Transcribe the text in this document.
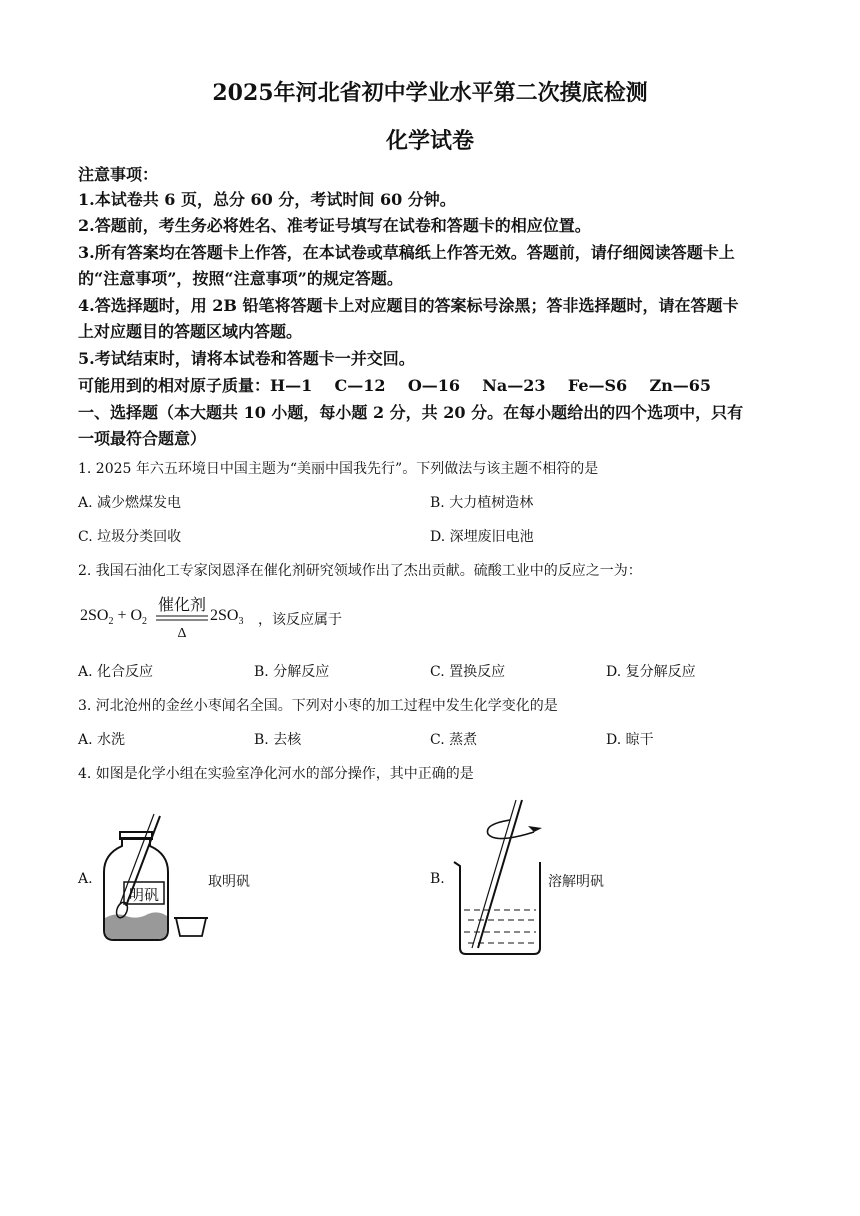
2025年河北省初中学业水平第二次摸底检测
化学试卷
注意事项：
1.本试卷共 6 页，总分 60 分，考试时间 60 分钟。
2.答题前，考生务必将姓名、准考证号填写在试卷和答题卡的相应位置。
3.所有答案均在答题卡上作答，在本试卷或草稿纸上作答无效。答题前，请仔细阅读答题卡上
的“注意事项”，按照“注意事项”的规定答题。
4.答选择题时，用 2B 铅笔将答题卡上对应题目的答案标号涂黑；答非选择题时，请在答题卡
上对应题目的答题区域内答题。
5.考试结束时，请将本试卷和答题卡一并交回。
可能用到的相对原子质量：H—1    C—12    O—16    Na—23    Fe—S6    Zn—65
一、选择题（本大题共 10 小题，每小题 2 分，共 20 分。在每小题给出的四个选项中，只有
一项最符合题意）
1. 2025 年六五环境日中国主题为“美丽中国我先行”。下列做法与该主题不相符的是
A. 减少燃煤发电	B. 大力植树造林
C. 垃圾分类回收	D. 深埋废旧电池
2. 我国石油化工专家闵恩泽在催化剂研究领域作出了杰出贡献。硫酸工业中的反应之一为：
$2SO_2 + O_2$
催化剂
Δ
$2SO_3$ ，该反应属于
A. 化合反应	B. 分解反应	C. 置换反应	D. 复分解反应
3. 河北沧州的金丝小枣闻名全国。下列对小枣的加工过程中发生化学变化的是
A. 水洗	B. 去核	C. 蒸煮	D. 晾干
4. 如图是化学小组在实验室净化河水的部分操作，其中正确的是
A.
明矾
取明矾	B.	溶解明矾
